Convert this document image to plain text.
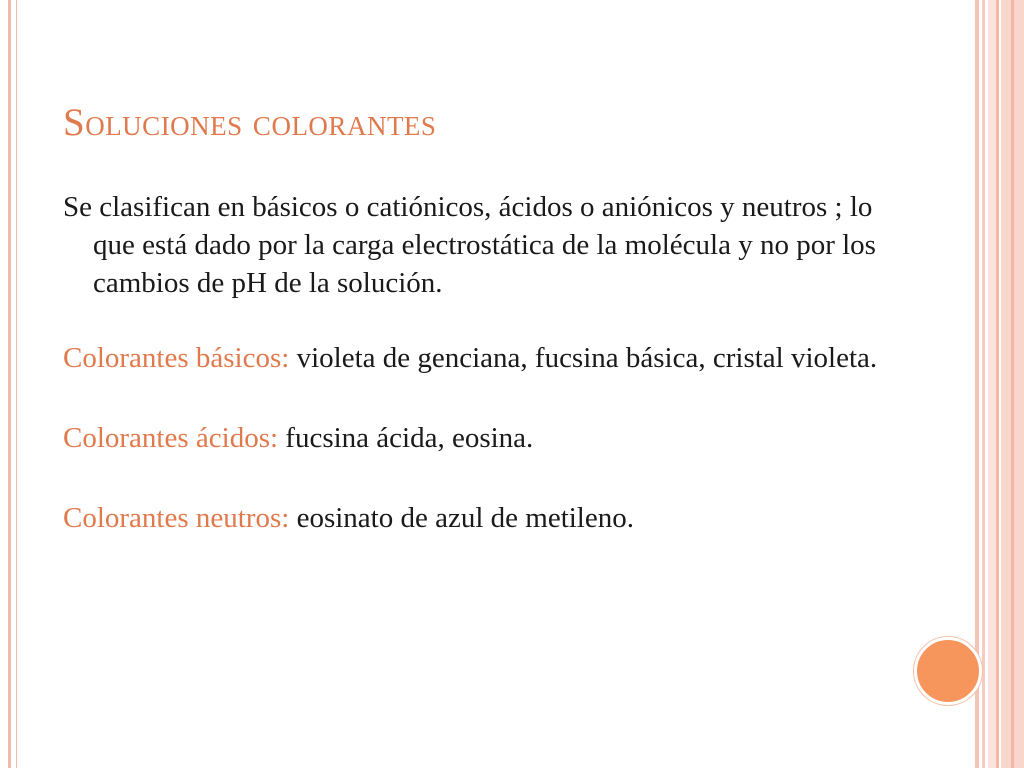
Soluciones colorantes

Se clasifican en básicos o catiónicos, ácidos o aniónicos y neutros ; lo que está dado por la carga electrostática de la molécula y no por los cambios de pH de la solución.

Colorantes básicos: violeta de genciana, fucsina básica, cristal violeta.

Colorantes ácidos: fucsina ácida, eosina.

Colorantes neutros: eosinato de azul de metileno.
